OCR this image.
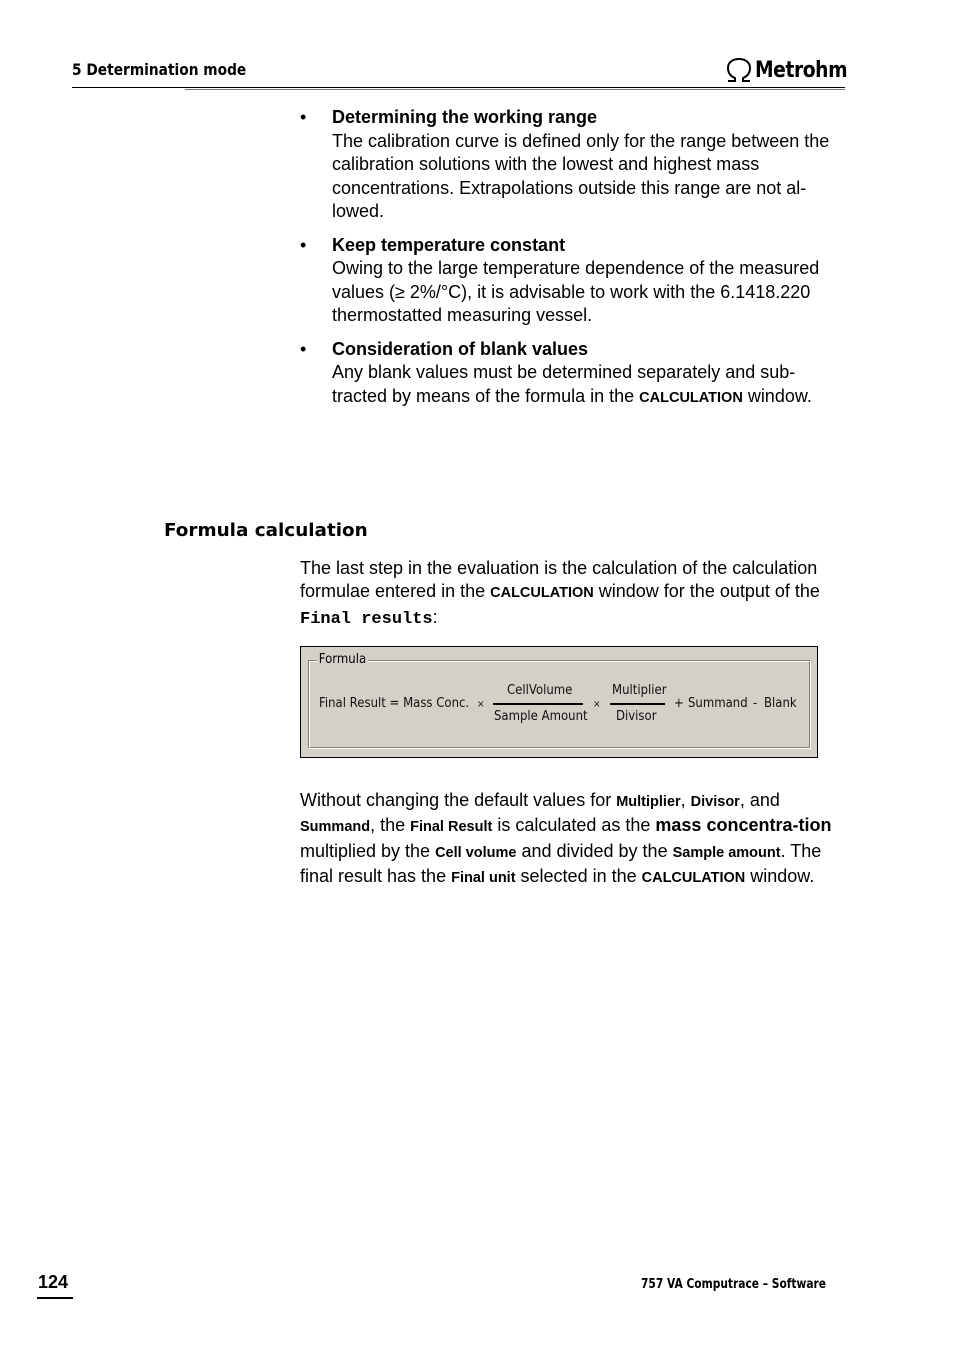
5 Determination mode	Metrohm
• Determining the working range
The calibration curve is defined only for the range between the calibration solutions with the lowest and highest mass concentrations. Extrapolations outside this range are not al-lowed.
• Keep temperature constant
Owing to the large temperature dependence of the measured values (≥ 2%/°C), it is advisable to work with the 6.1418.220 thermostatted measuring vessel.
• Consideration of blank values
Any blank values must be determined separately and sub-tracted by means of the formula in the CALCULATION window.
Formula calculation
The last step in the evaluation is the calculation of the calculation formulae entered in the CALCULATION window for the output of the Final results:
Formula
Final Result = Mass Conc. ×
CellVolume
Sample Amount
×
Multiplier
Divisor
+ Summand - Blank
Without changing the default values for Multiplier, Divisor, and Summand, the Final Result is calculated as the mass concentra-tion multiplied by the Cell volume and divided by the Sample amount. The final result has the Final unit selected in the CALCULATION window.
124	757 VA Computrace – Software
